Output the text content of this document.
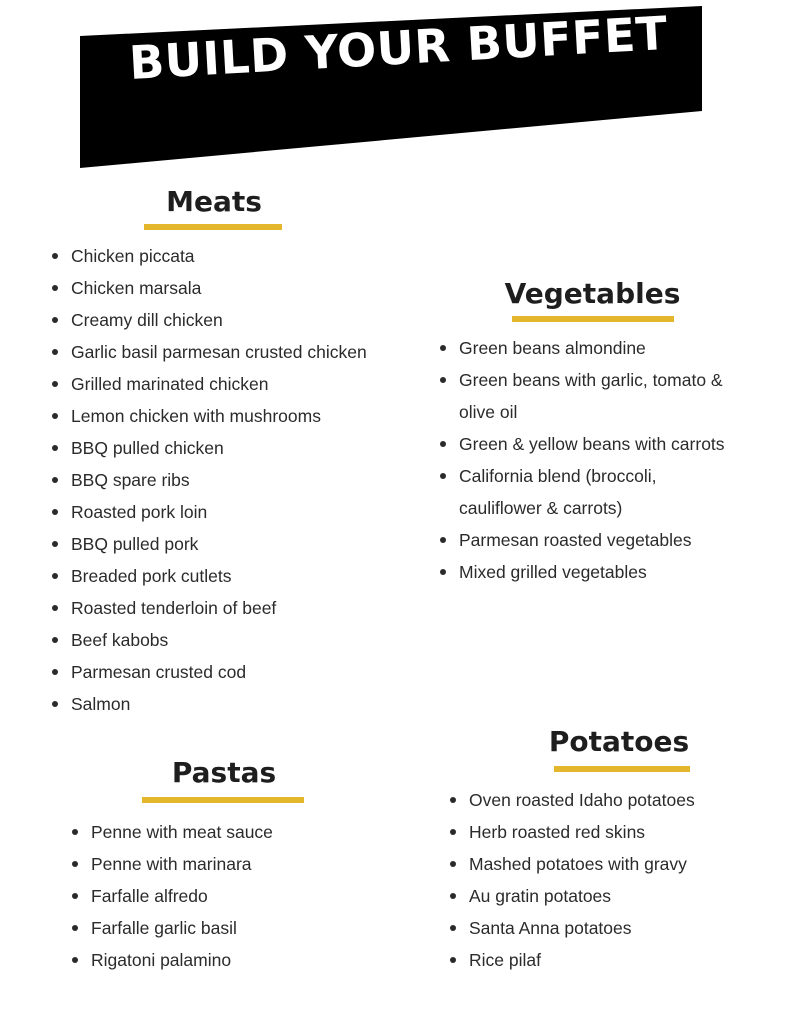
BUILD YOUR BUFFET
Meats
Chicken piccata
Chicken marsala
Creamy dill chicken
Garlic basil parmesan crusted chicken
Grilled marinated chicken
Lemon chicken with mushrooms
BBQ pulled chicken
BBQ spare ribs
Roasted pork loin
BBQ pulled pork
Breaded pork cutlets
Roasted tenderloin of beef
Beef kabobs
Parmesan crusted cod
Salmon
Vegetables
Green beans almondine
Green beans with garlic, tomato & olive oil
Green & yellow beans with carrots
California blend (broccoli, cauliflower & carrots)
Parmesan roasted vegetables
Mixed grilled vegetables
Pastas
Penne with meat sauce
Penne with marinara
Farfalle alfredo
Farfalle garlic basil
Rigatoni palamino
Potatoes
Oven roasted Idaho potatoes
Herb roasted red skins
Mashed potatoes with gravy
Au gratin potatoes
Santa Anna potatoes
Rice pilaf
